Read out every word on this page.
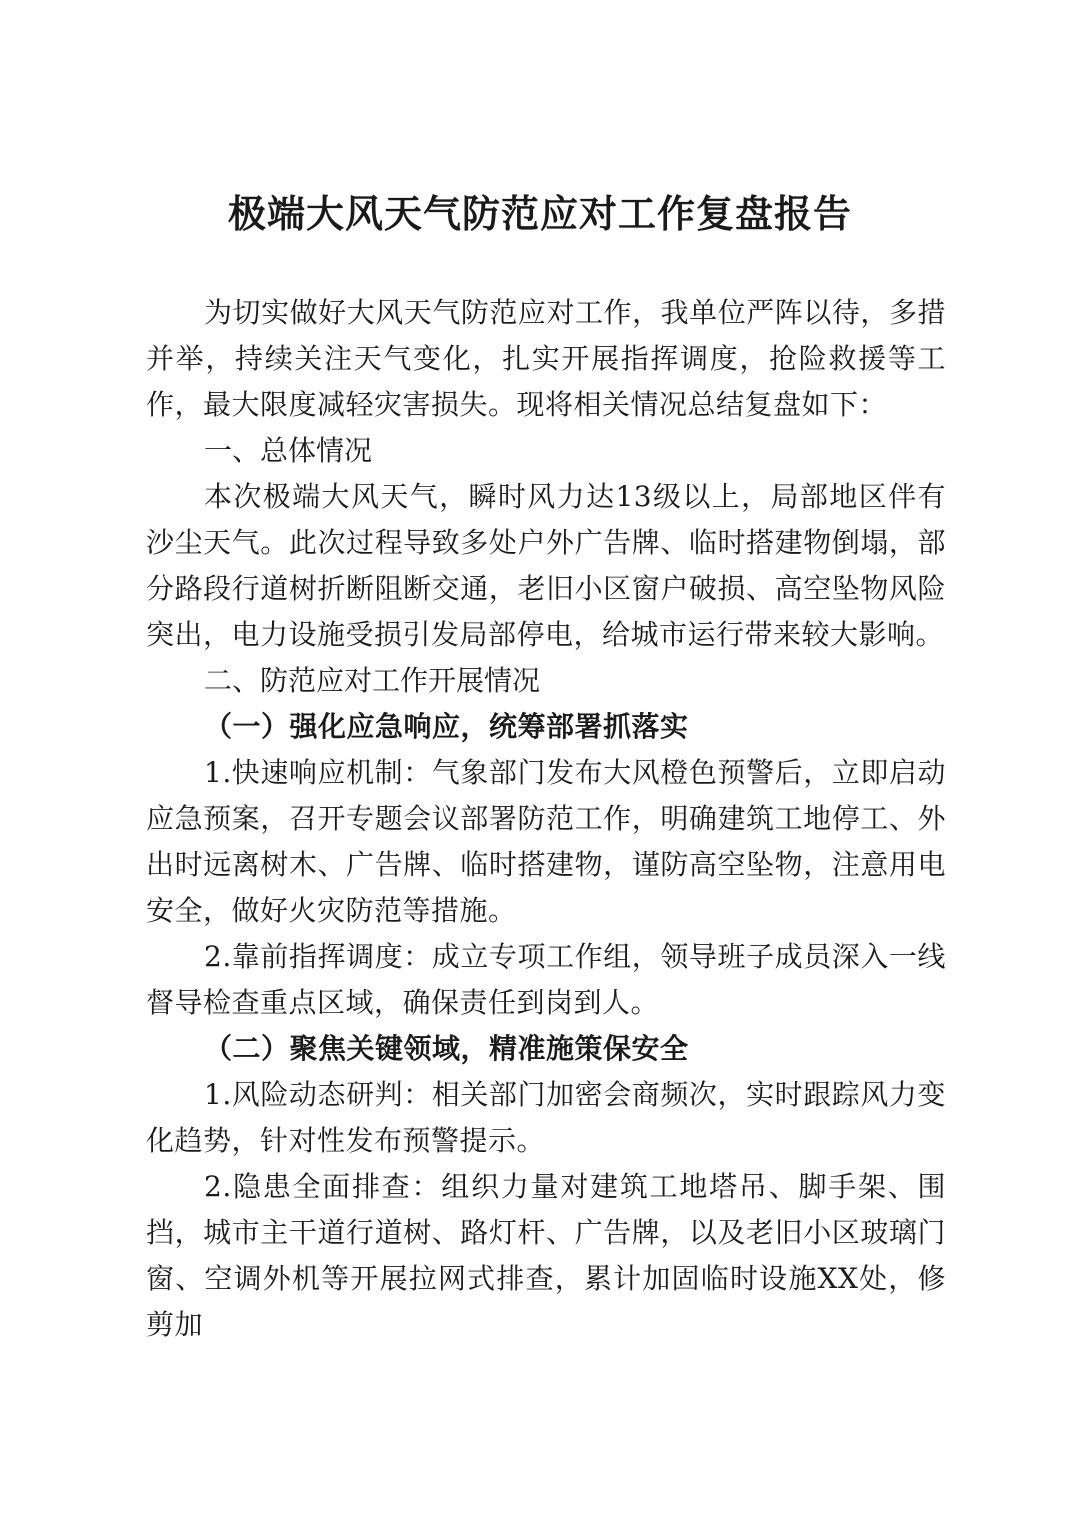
极端大风天气防范应对工作复盘报告

为切实做好大风天气防范应对工作，我单位严阵以待，多措并举，持续关注天气变化，扎实开展指挥调度，抢险救援等工作，最大限度减轻灾害损失。现将相关情况总结复盘如下：

一、总体情况

本次极端大风天气，瞬时风力达13级以上，局部地区伴有沙尘天气。此次过程导致多处户外广告牌、临时搭建物倒塌，部分路段行道树折断阻断交通，老旧小区窗户破损、高空坠物风险突出，电力设施受损引发局部停电，给城市运行带来较大影响。

二、防范应对工作开展情况

（一）强化应急响应，统筹部署抓落实

1.快速响应机制：气象部门发布大风橙色预警后，立即启动应急预案，召开专题会议部署防范工作，明确建筑工地停工、外出时远离树木、广告牌、临时搭建物，谨防高空坠物，注意用电安全，做好火灾防范等措施。

2.靠前指挥调度：成立专项工作组，领导班子成员深入一线督导检查重点区域，确保责任到岗到人。

（二）聚焦关键领域，精准施策保安全

1.风险动态研判：相关部门加密会商频次，实时跟踪风力变化趋势，针对性发布预警提示。

2.隐患全面排查：组织力量对建筑工地塔吊、脚手架、围挡，城市主干道行道树、路灯杆、广告牌，以及老旧小区玻璃门窗、空调外机等开展拉网式排查，累计加固临时设施XX处，修剪加
